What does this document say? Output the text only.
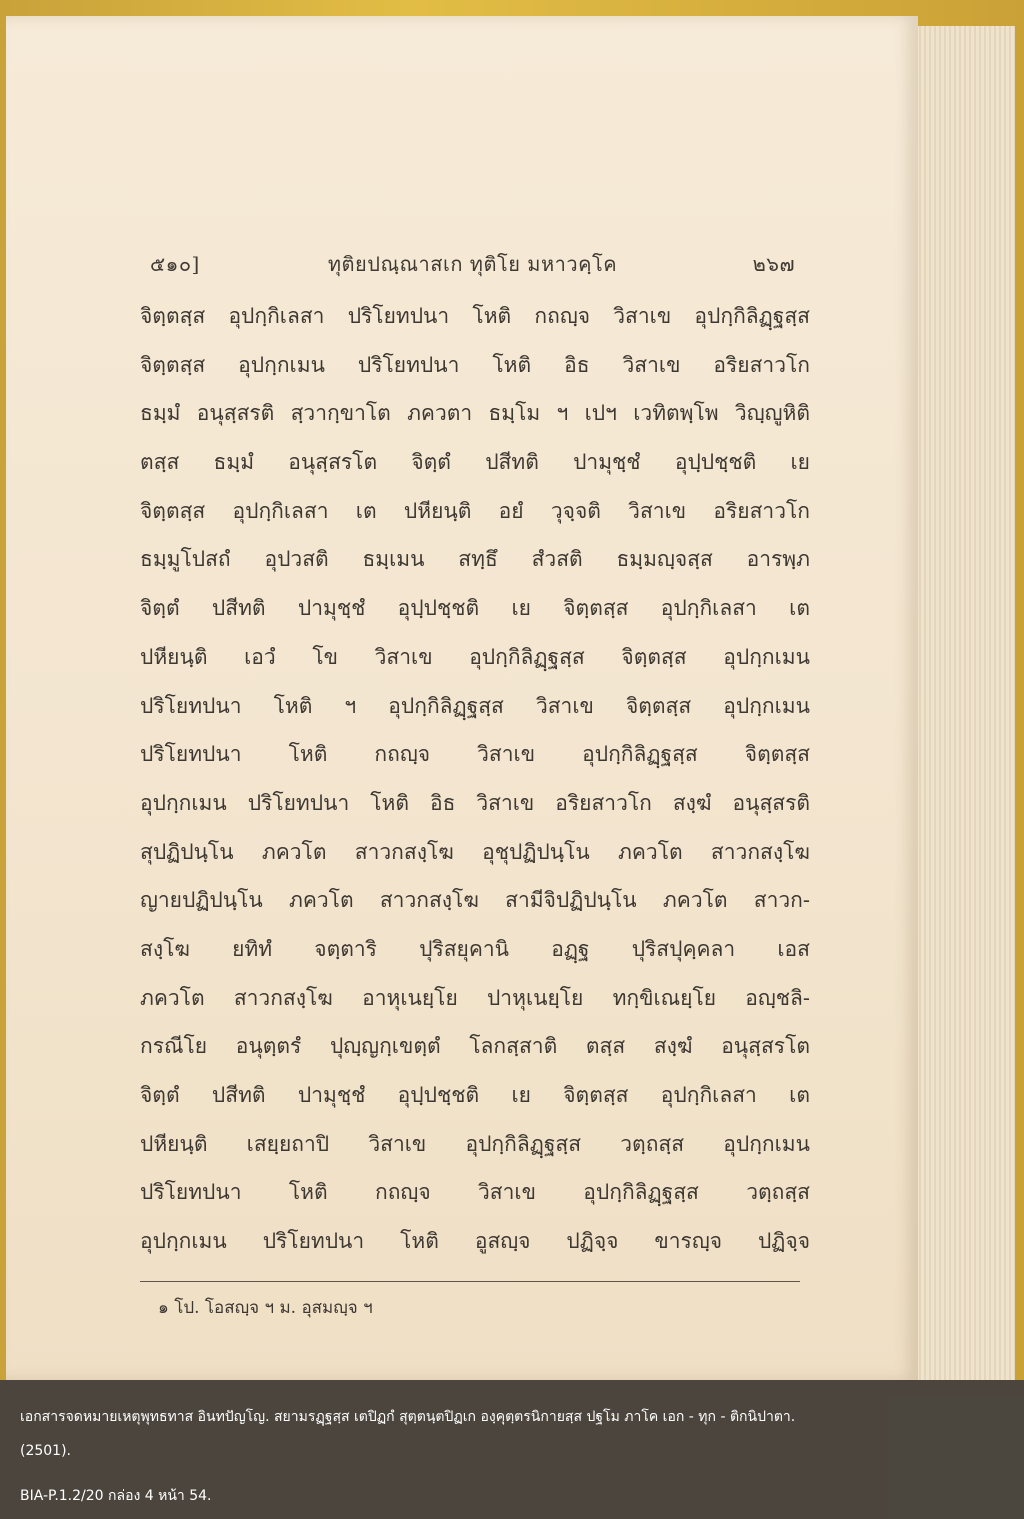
๕๑๐]	ทุติยปณฺณาสเก ทุติโย มหาวคฺโค	๒๖๗
จิตฺตสฺส อุปกฺกิเลสา ปริโยทปนา โหติ กถญฺจ วิสาเข อุปกฺกิลิฏฺฐสฺส
จิตฺตสฺส อุปกฺกเมน ปริโยทปนา โหติ อิธ วิสาเข อริยสาวโก
ธมฺมํ อนุสฺสรติ สฺวากฺขาโต ภควตา ธมฺโม ฯ เปฯ เวทิตพฺโพ วิญฺญูหิติ
ตสฺส ธมฺมํ อนุสฺสรโต จิตฺตํ ปสีทติ ปามุชฺชํ อุปฺปชฺชติ เย
จิตฺตสฺส อุปกฺกิเลสา เต ปหียนฺติ อยํ วุจฺจติ วิสาเข อริยสาวโก
ธมฺมูโปสถํ อุปวสติ ธมฺเมน สทฺธึ สํวสติ ธมฺมญฺจสฺส อารพฺภ
จิตฺตํ ปสีทติ ปามุชฺชํ อุปฺปชฺชติ เย จิตฺตสฺส อุปกฺกิเลสา เต
ปหียนฺติ เอวํ โข วิสาเข อุปกฺกิลิฏฺฐสฺส จิตฺตสฺส อุปกฺกเมน
ปริโยทปนา โหติ ฯ อุปกฺกิลิฏฺฐสฺส วิสาเข จิตฺตสฺส อุปกฺกเมน
ปริโยทปนา โหติ กถญฺจ วิสาเข อุปกฺกิลิฏฺฐสฺส จิตฺตสฺส
อุปกฺกเมน ปริโยทปนา โหติ อิธ วิสาเข อริยสาวโก สงฺฆํ อนุสฺสรติ
สุปฏิปนฺโน ภควโต สาวกสงฺโฆ อุชุปฏิปนฺโน ภควโต สาวกสงฺโฆ
ญายปฏิปนฺโน ภควโต สาวกสงฺโฆ สามีจิปฏิปนฺโน ภควโต สาวก-
สงฺโฆ ยทิทํ จตฺตาริ ปุริสยุคานิ อฏฺฐ ปุริสปุคฺคลา เอส
ภควโต สาวกสงฺโฆ อาหุเนยฺโย ปาหุเนยฺโย ทกฺขิเณยฺโย อญฺชลิ-
กรณีโย อนุตฺตรํ ปุญฺญกฺเขตฺตํ โลกสฺสาติ ตสฺส สงฺฆํ อนุสฺสรโต
จิตฺตํ ปสีทติ ปามุชฺชํ อุปฺปชฺชติ เย จิตฺตสฺส อุปกฺกิเลสา เต
ปหียนฺติ เสยฺยถาปิ วิสาเข อุปกฺกิลิฏฺฐสฺส วตฺถสฺส อุปกฺกเมน
ปริโยทปนา โหติ กถญฺจ วิสาเข อุปกฺกิลิฏฺฐสฺส วตฺถสฺส
อุปกฺกเมน ปริโยทปนา โหติ อูสญฺจ ปฏิจฺจ ขารญฺจ ปฏิจฺจ
๑ โป. โอสญฺจ ฯ ม. อุสมญฺจ ฯ
เอกสารจดหมายเหตุพุทธทาส อินทปัญโญ. สยามรฏฺฐสฺส เตปิฏกํ สุตฺตนฺตปิฏเก องฺคุตฺตรนิกายสฺส ปฐโม ภาโค เอก - ทุก - ติกนิปาตา.
(2501).
BIA-P.1.2/20 กล่อง 4 หน้า 54.
